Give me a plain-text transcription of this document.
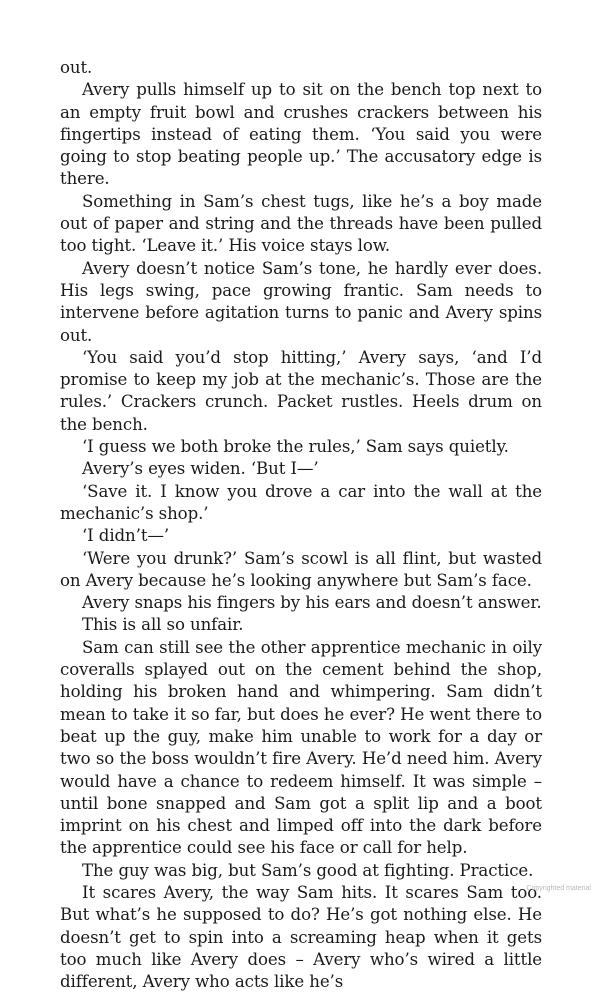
out.

Avery pulls himself up to sit on the bench top next to an empty fruit bowl and crushes crackers between his fingertips instead of eating them. ‘You said you were going to stop beating people up.’ The accusatory edge is there.

Something in Sam’s chest tugs, like he’s a boy made out of paper and string and the threads have been pulled too tight. ‘Leave it.’ His voice stays low.

Avery doesn’t notice Sam’s tone, he hardly ever does. His legs swing, pace growing frantic. Sam needs to intervene before agitation turns to panic and Avery spins out.

‘You said you’d stop hitting,’ Avery says, ‘and I’d promise to keep my job at the mechanic’s. Those are the rules.’ Crackers crunch. Packet rustles. Heels drum on the bench.

‘I guess we both broke the rules,’ Sam says quietly.

Avery’s eyes widen. ‘But I—’

‘Save it. I know you drove a car into the wall at the mechanic’s shop.’

‘I didn’t—’

‘Were you drunk?’ Sam’s scowl is all flint, but wasted on Avery because he’s looking anywhere but Sam’s face.

Avery snaps his fingers by his ears and doesn’t answer.

This is all so unfair.

Sam can still see the other apprentice mechanic in oily coveralls splayed out on the cement behind the shop, holding his broken hand and whimpering. Sam didn’t mean to take it so far, but does he ever? He went there to beat up the guy, make him unable to work for a day or two so the boss wouldn’t fire Avery. He’d need him. Avery would have a chance to redeem himself. It was simple – until bone snapped and Sam got a split lip and a boot imprint on his chest and limped off into the dark before the apprentice could see his face or call for help.

The guy was big, but Sam’s good at fighting. Practice.

It scares Avery, the way Sam hits. It scares Sam too. But what’s he supposed to do? He’s got nothing else. He doesn’t get to spin into a screaming heap when it gets too much like Avery does – Avery who’s wired a little different, Avery who acts like he’s

Copyrighted material
